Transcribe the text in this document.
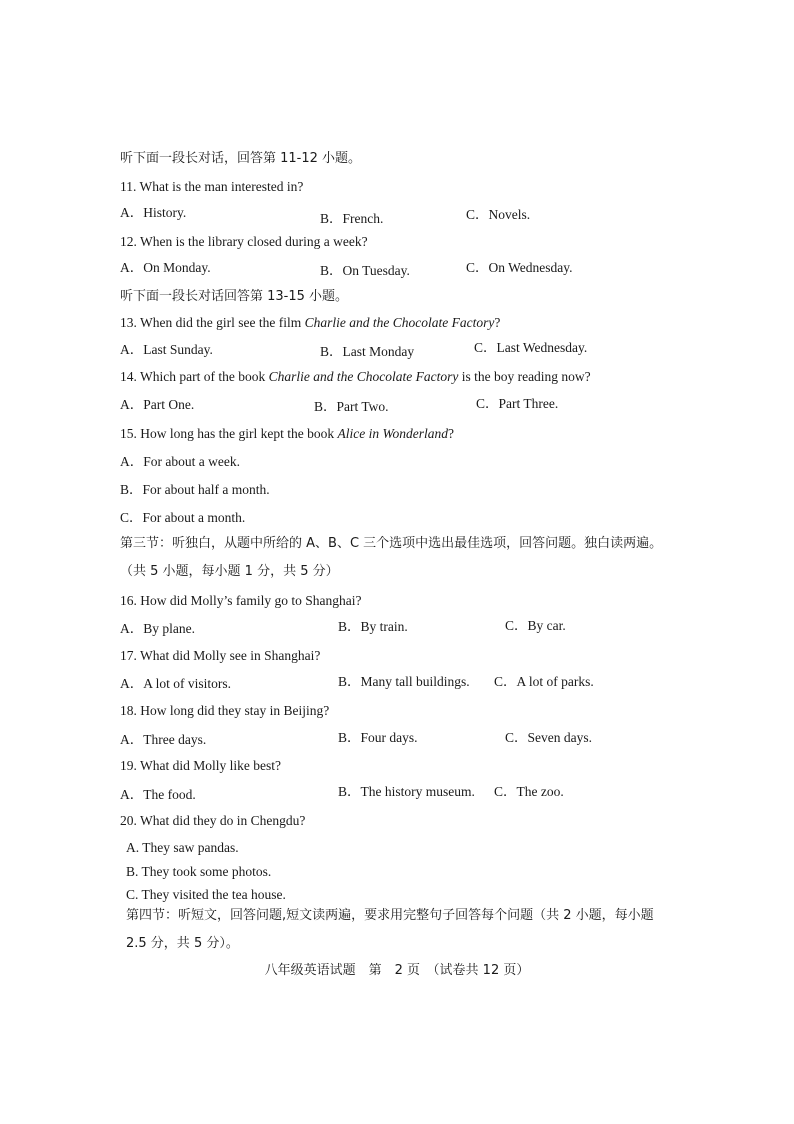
听下面一段长对话，回答第 11-12 小题。
11. What is the man interested in?
A．History.	B．French.	C．Novels.
12. When is the library closed during a week?
A．On Monday.	B．On Tuesday.	C．On Wednesday.
听下面一段长对话回答第 13-15 小题。
13. When did the girl see the film Charlie and the Chocolate Factory?
A．Last Sunday.	B．Last Monday	C．Last Wednesday.
14. Which part of the book Charlie and the Chocolate Factory is the boy reading now?
A．Part One.	B．Part Two.	C．Part Three.
15. How long has the girl kept the book Alice in Wonderland?
A．For about a week.
B．For about half a month.
C．For about a month.
第三节：听独白，从题中所给的 A、B、C 三个选项中选出最佳选项，回答问题。独白读两遍。（共 5 小题，每小题 1 分，共 5 分）
16. How did Molly’s family go to Shanghai?
A．By plane.	B．By train.	C．By car.
17. What did Molly see in Shanghai?
A．A lot of visitors.	B．Many tall buildings. C．A lot of parks.
18. How long did they stay in Beijing?
A．Three days.	B．Four days.	C．Seven days.
19. What did Molly like best?
A．The food.	B．The history museum. C．The zoo.
20. What did they do in Chengdu?
A. They saw pandas.
B. They took some photos.
C. They visited the tea house.
第四节：听短文，回答问题,短文读两遍，要求用完整句子回答每个问题（共 2 小题，每小题 2.5 分，共 5 分）。
八年级英语试题　第　2 页　（试卷共 12 页）
